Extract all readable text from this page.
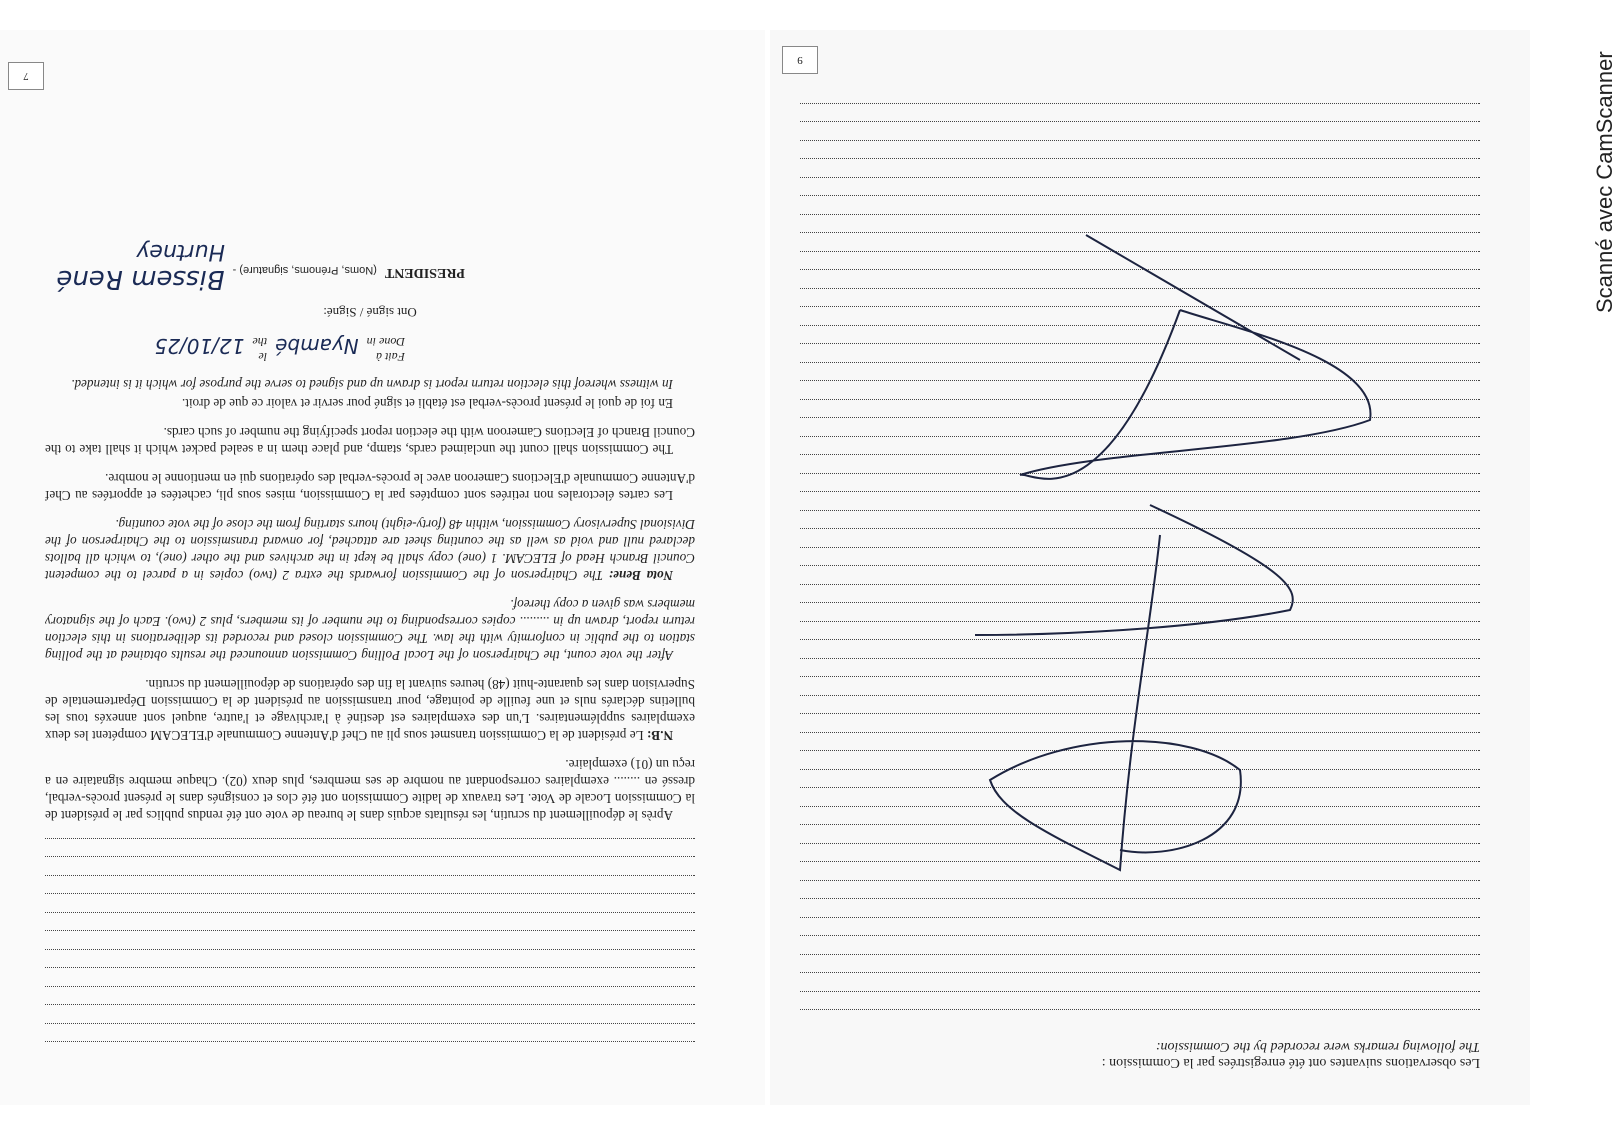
7

Après le dépouillement du scrutin, les résultats acquis dans le bureau de vote ont été rendus publics par le président de la Commission Locale de Vote. Les travaux de ladite Commission ont été clos et consignés dans le présent procès-verbal, dressé en ........ exemplaires correspondant au nombre de ses membres, plus deux (02). Chaque membre signataire en a reçu un (01) exemplaire.

N.B: Le président de la Commission transmet sous pli au Chef d'Antenne Communale d'ELECAM compétent les deux exemplaires supplémentaires. L'un des exemplaires est destiné à l'archivage et l'autre, auquel sont annexés tous les bulletins déclarés nuls et une feuille de pointage, pour transmission au président de la Commission Départementale de Supervision dans les quarante-huit (48) heures suivant la fin des opérations de dépouillement du scrutin.

After the vote count, the Chairperson of the Local Polling Commission announced the results obtained at the polling station to the public in conformity with the law. The Commission closed and recorded its deliberations in this election return report, drawn up in ......... copies corresponding to the number of its members, plus 2 (two). Each of the signatory members was given a copy thereof.

Nota Bene: The Chairperson of the Commission forwards the extra 2 (two) copies in a parcel to the competent Council Branch Head of ELECAM. 1 (one) copy shall be kept in the archives and the other (one), to which all ballots declared null and void as well as the counting sheet are attached, for onward transmission to the Chairperson of the Divisional Supervisory Commission, within 48 (forty-eight) hours starting from the close of the vote counting.

Les cartes électorales non retirées sont comptées par la Commission, mises sous pli, cachetées et apportées au Chef d'Antenne Communale d'Elections Cameroon avec le procès-verbal des opérations qui en mentionne le nombre.

The Commission shall count the unclaimed cards, stamp, and place them in a sealed packet which it shall take to the Council Branch of Elections Cameroon with the election report specifying the number of such cards.

En foi de quoi le présent procès-verbal est établi et signé pour servir et valoir ce que de droit.

In witness whereof this election return report is drawn up and signed to serve the purpose for which it is intended.

Fait à
Done in
Nyambé
le
the
12/10/25

Ont signé / Signé:

PRESIDENT
(Noms, Prénoms, signature) -
Bissem René
Hurtney
9

Les observations suivantes ont été enregistrées par la Commission :

The following remarks were recorded by the Commission:

Scanné avec CamScanner
